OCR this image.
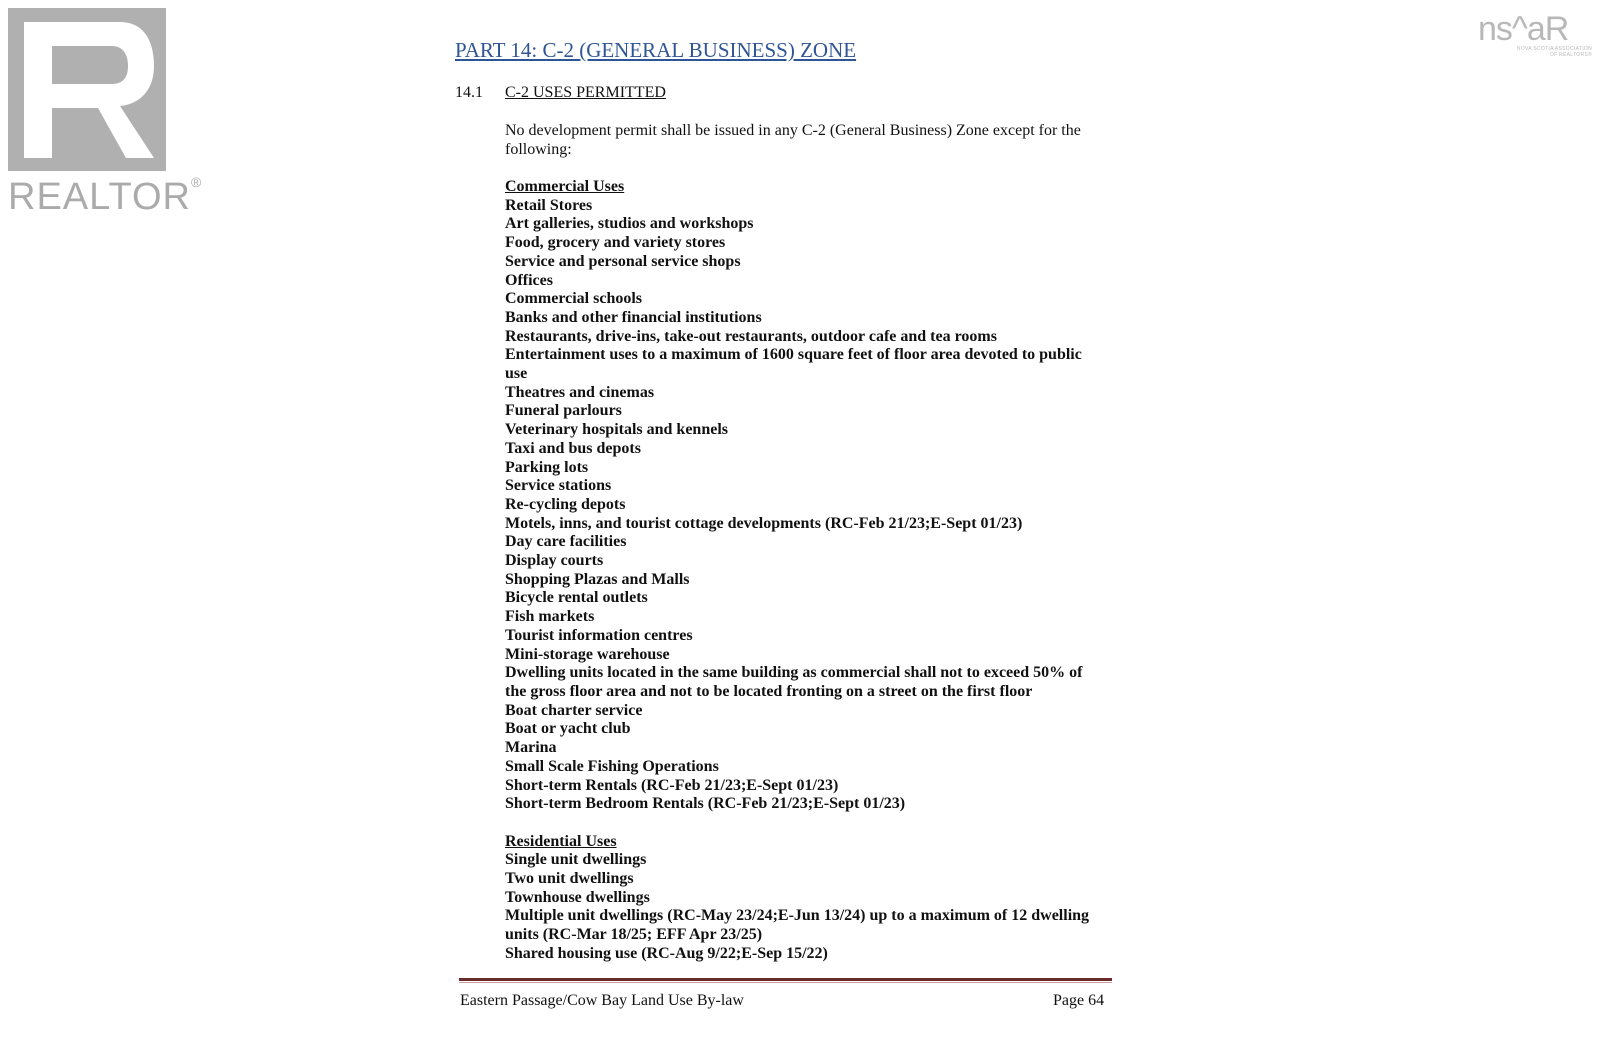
REALTOR®
ns^aR
NOVA SCOTIA ASSOCIATION
OF REALTORS®
PART 14: C-2 (GENERAL BUSINESS) ZONE
14.1 C-2 USES PERMITTED
No development permit shall be issued in any C-2 (General Business) Zone except for the following:
Commercial Uses
Retail Stores
Art galleries, studios and workshops
Food, grocery and variety stores
Service and personal service shops
Offices
Commercial schools
Banks and other financial institutions
Restaurants, drive-ins, take-out restaurants, outdoor cafe and tea rooms
Entertainment uses to a maximum of 1600 square feet of floor area devoted to public use
Theatres and cinemas
Funeral parlours
Veterinary hospitals and kennels
Taxi and bus depots
Parking lots
Service stations
Re-cycling depots
Motels, inns, and tourist cottage developments (RC-Feb 21/23;E-Sept 01/23)
Day care facilities
Display courts
Shopping Plazas and Malls
Bicycle rental outlets
Fish markets
Tourist information centres
Mini-storage warehouse
Dwelling units located in the same building as commercial shall not to exceed 50% of the gross floor area and not to be located fronting on a street on the first floor
Boat charter service
Boat or yacht club
Marina
Small Scale Fishing Operations
Short-term Rentals (RC-Feb 21/23;E-Sept 01/23)
Short-term Bedroom Rentals (RC-Feb 21/23;E-Sept 01/23)
Residential Uses
Single unit dwellings
Two unit dwellings
Townhouse dwellings
Multiple unit dwellings (RC-May 23/24;E-Jun 13/24) up to a maximum of 12 dwelling units (RC-Mar 18/25; EFF Apr 23/25)
Shared housing use (RC-Aug 9/22;E-Sep 15/22)
Eastern Passage/Cow Bay Land Use By-law	Page 64
